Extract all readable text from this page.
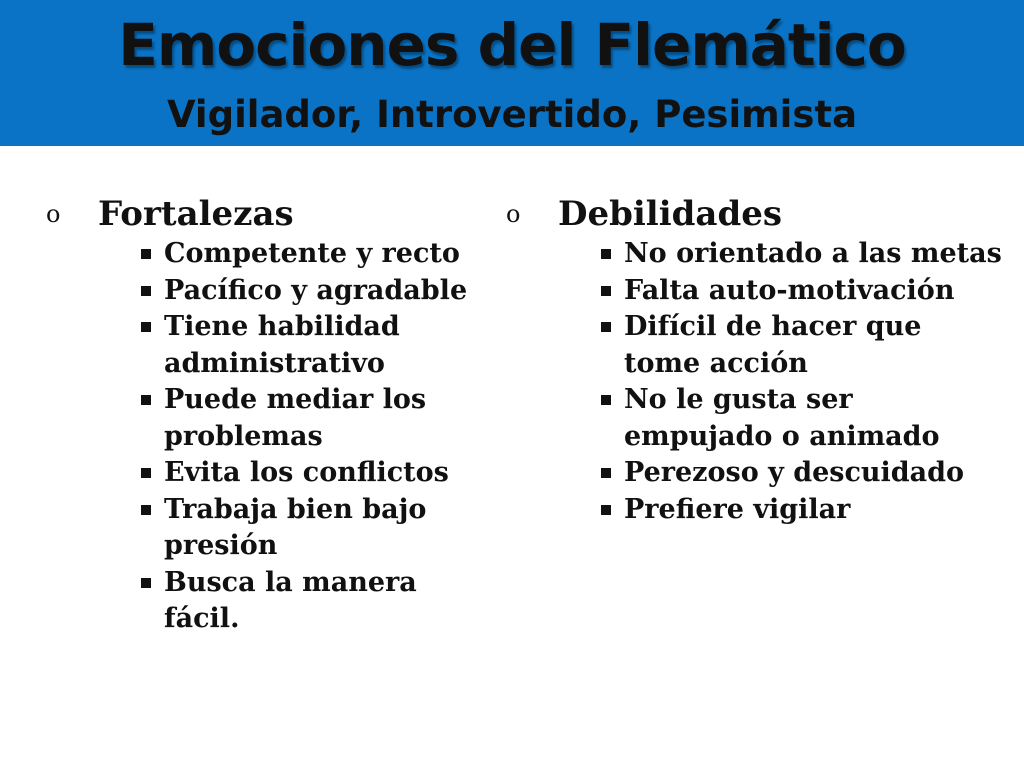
Emociones del Flemático
Vigilador, Introvertido, Pesimista
o Fortalezas
Competente y recto
Pacífico y agradable
Tiene habilidad administrativo
Puede mediar los problemas
Evita los conflictos
Trabaja bien bajo presión
Busca la manera fácil.
o Debilidades
No orientado a las metas
Falta auto-motivación
Difícil de hacer que tome acción
No le gusta ser empujado o animado
Perezoso y descuidado
Prefiere vigilar
